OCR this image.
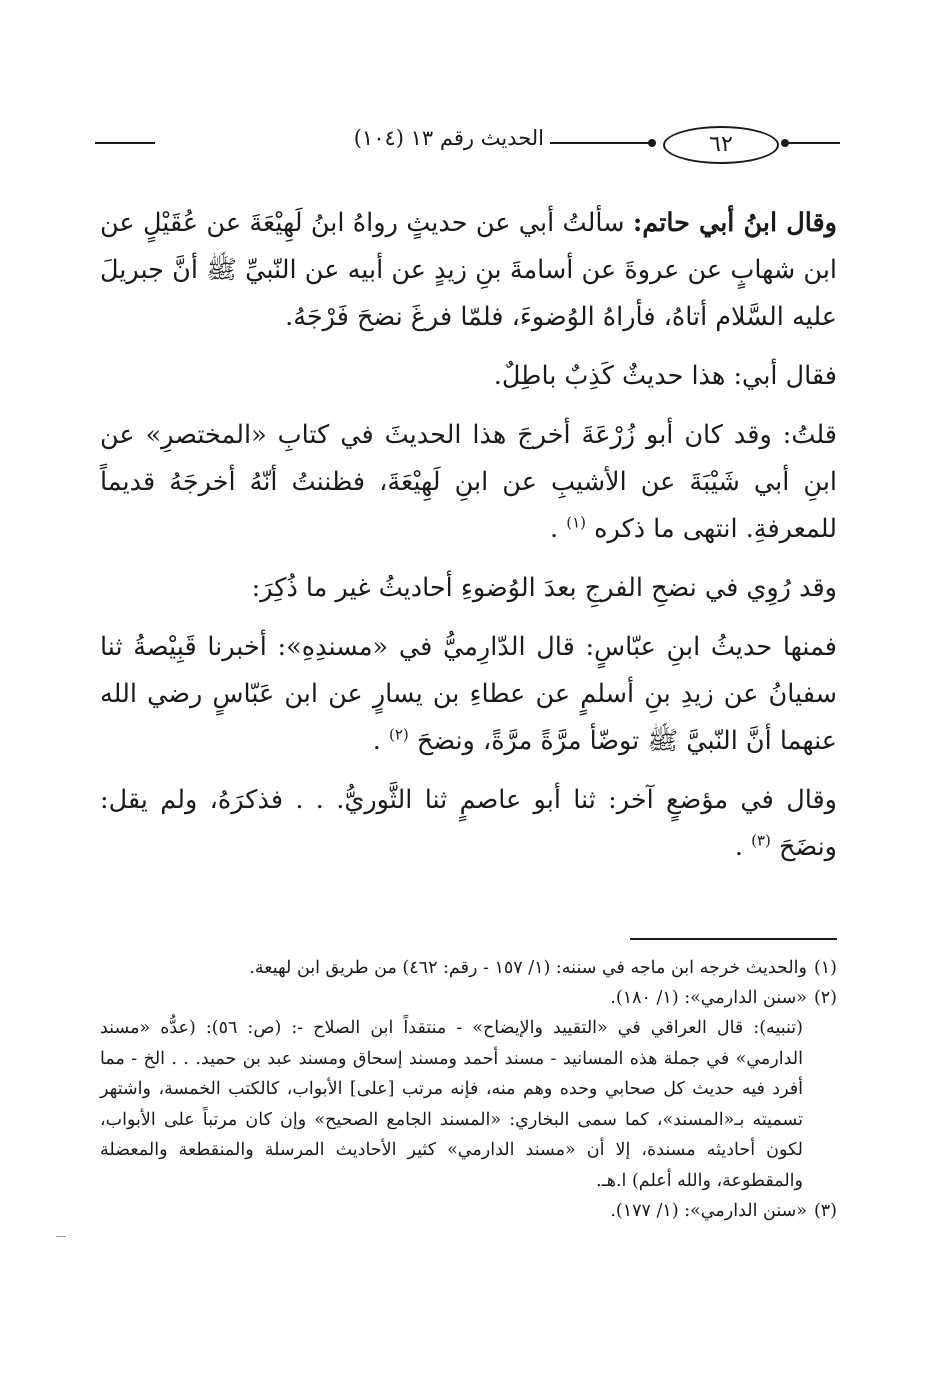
الحديث رقم ١٣ (١٠٤)	٦٢

وقال ابنُ أبي حاتم: سألتُ أبي عن حديثٍ رواهُ ابنُ لَهِيْعَةَ عن عُقَيْلٍ عن ابن شهابٍ عن عروةَ عن أسامةَ بنِ زيدٍ عن أبيه عن النّبيِّ ﷺ أنَّ جبريلَ عليه السَّلام أتاهُ، فأراهُ الوُضوءَ، فلمّا فرغَ نضحَ فَرْجَهُ.

فقال أبي: هذا حديثٌ كَذِبٌ باطِلٌ.

قلتُ: وقد كان أبو زُرْعَةَ أخرجَ هذا الحديثَ في كتابِ «المختصرِ» عن ابنِ أبي شَيْبَةَ عن الأشيبِ عن ابنِ لَهِيْعَةَ، فظننتُ أنّهُ أخرجَهُ قديماً للمعرفةِ. انتهى ما ذكره $^{(١)}$ .

وقد رُوِي في نضحِ الفرجِ بعدَ الوُضوءِ أحاديثُ غير ما ذُكِرَ:

فمنها حديثُ ابنِ عبّاسٍ: قال الدّارِميُّ في «مسندِهِ»: أخبرنا قَبِيْصةُ ثنا سفيانُ عن زيدِ بنِ أسلمٍ عن عطاءِ بن يسارٍ عن ابن عَبّاسٍ رضي الله عنهما أنَّ النّبيَّ ﷺ توضّأ مرَّةً مرَّةً، ونضحَ $^{(٢)}$ .

وقال في مؤضعٍ آخر: ثنا أبو عاصمٍ ثنا الثَّوريُّ. . . فذكرَهُ، ولم يقل: ونضَحَ $^{(٣)}$ .

(١)والحديث خرجه ابن ماجه في سننه: (١/ ١٥٧ - رقم: ٤٦٢) من طريق ابن لهيعة.

(٢)«سنن الدارمي»: (١/ ١٨٠).

(تنبيه): قال العراقي في «التقييد والإيضاح» - منتقداً ابن الصلاح -: (ص: ٥٦): (عدُّه «مسند الدارمي» في جملة هذه المسانيد - مسند أحمد ومسند إسحاق ومسند عبد بن حميد. . . الخ - مما أفرد فيه حديث كل صحابي وحده وهم منه، فإنه مرتب [على] الأبواب، كالكتب الخمسة، واشتهر تسميته بـ«المسند»، كما سمى البخاري: «المسند الجامع الصحيح» وإن كان مرتباً على الأبواب، لكون أحاديثه مسندة، إلا أن «مسند الدارمي» كثير الأحاديث المرسلة والمنقطعة والمعضلة والمقطوعة، والله أعلم) ا.هـ.

(٣)«سنن الدارمي»: (١/ ١٧٧).
